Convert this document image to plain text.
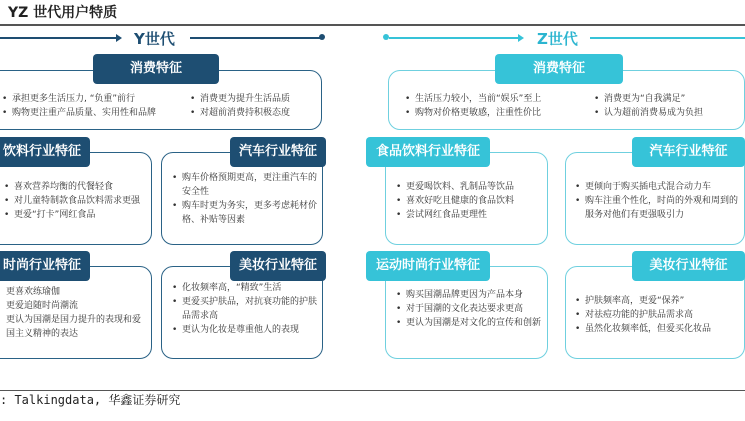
YZ 世代用户特质
Y世代	Z世代
消费特征
• 承担更多生活压力, “负重”前行
• 购物更注重产品质量、实用性和品牌
• 消费更为提升生活品质
• 对超前消费持积极态度
饮料行业特征
• 喜欢营养均衡的代餐轻食
• 对儿童特制款食品饮料需求更强
• 更爱“打卡”网红食品
汽车行业特征
• 购车价格预期更高，更注重汽车的安全性
• 购车时更为务实，更多考虑耗材价格、补贴等因素
时尚行业特征
• 更喜欢练瑜伽
• 更爱追随时尚潮流
• 更认为国潮是国力提升的表现和爱国主义精神的表达
美妆行业特征
• 化妆频率高，“精致”生活
• 更爱买护肤品，对抗衰功能的护肤品需求高
• 更认为化妆是尊重他人的表现
消费特征
• 生活压力较小，当前“娱乐”至上
• 购物对价格更敏感，注重性价比
• 消费更为“自我满足”
• 认为超前消费易成为负担
食品饮料行业特征
• 更爱喝饮料、乳制品等饮品
• 喜欢好吃且健康的食品饮料
• 尝试网红食品更理性
汽车行业特征
• 更倾向于购买插电式混合动力车
• 购车注重个性化，时尚的外观和周到的服务对他们有更强吸引力
运动时尚行业特征
• 购买国潮品牌更因为产品本身
• 对于国潮的文化表达要求更高
• 更认为国潮是对文化的宣传和创新
美妆行业特征
• 护肤频率高，更爱“保养”
• 对祛痘功能的护肤品需求高
• 虽然化妆频率低，但爱买化妆品
: Talkingdata, 华鑫证券研究
